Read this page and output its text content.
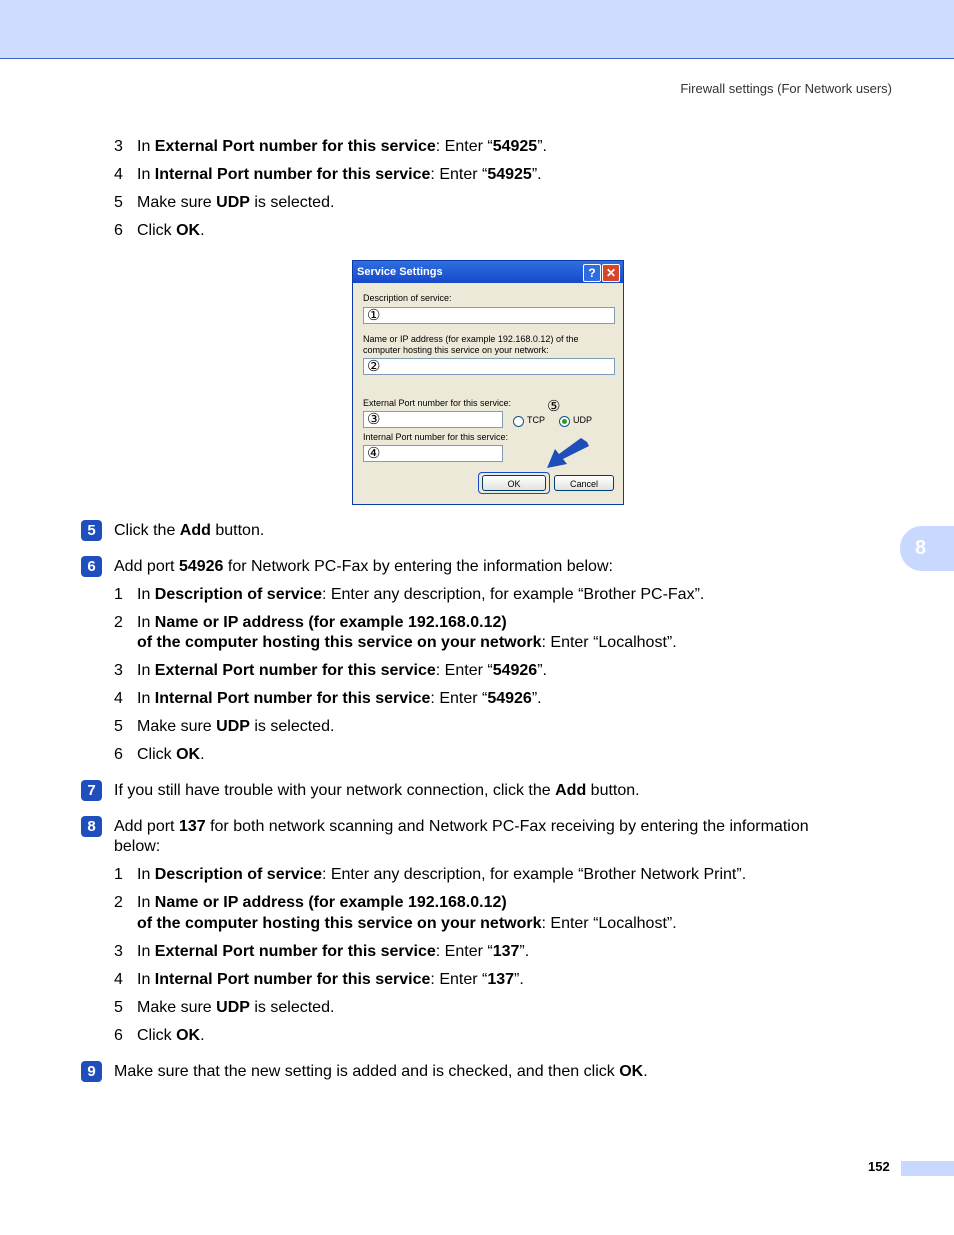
Firewall settings (For Network users)
3 In External Port number for this service: Enter “54925”.
4 In Internal Port number for this service: Enter “54925”.
5 Make sure UDP is selected.
6 Click OK.
Service Settings	? ✕
Description of service:
①
Name or IP address (for example 192.168.0.12) of the
computer hosting this service on your network:
②
External Port number for this service: ⑤
③	TCP	UDP
Internal Port number for this service:
④
OK	Cancel
5	Click the Add button.
6	Add port 54926 for Network PC-Fax by entering the information below:
1 In Description of service: Enter any description, for example “Brother PC-Fax”.
2 In Name or IP address (for example 192.168.0.12)
of the computer hosting this service on your network: Enter “Localhost”.
3 In External Port number for this service: Enter “54926”.
4 In Internal Port number for this service: Enter “54926”.
5 Make sure UDP is selected.
6 Click OK.
7	If you still have trouble with your network connection, click the Add button.
8	Add port 137 for both network scanning and Network PC-Fax receiving by entering the information
below:
1 In Description of service: Enter any description, for example “Brother Network Print”.
2 In Name or IP address (for example 192.168.0.12)
of the computer hosting this service on your network: Enter “Localhost”.
3 In External Port number for this service: Enter “137”.
4 In Internal Port number for this service: Enter “137”.
5 Make sure UDP is selected.
6 Click OK.
9	Make sure that the new setting is added and is checked, and then click OK.
8
152
